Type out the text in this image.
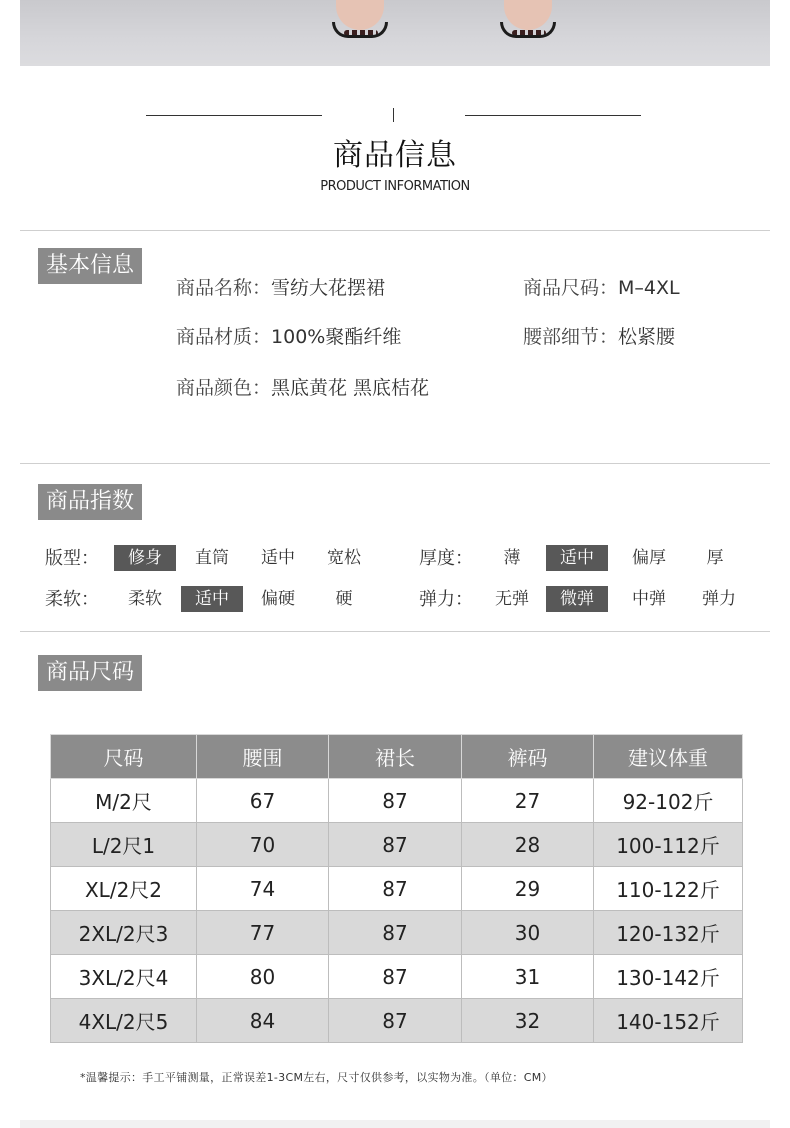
商品信息
PRODUCT INFORMATION
基本信息
商品名称：雪纺大花摆裙	商品尺码：M–4XL
商品材质：100%聚酯纤维	腰部细节：松紧腰
商品颜色：黑底黄花 黑底桔花
商品指数
版型：	修身	直筒	适中	宽松	厚度：	薄	适中	偏厚	厚
柔软：	柔软	适中	偏硬	硬	弹力：	无弹	微弹	中弹	弹力
商品尺码
尺码	腰围	裙长	裤码	建议体重
M/2尺	67	87	27	92-102斤
L/2尺1	70	87	28	100-112斤
XL/2尺2	74	87	29	110-122斤
2XL/2尺3	77	87	30	120-132斤
3XL/2尺4	80	87	31	130-142斤
4XL/2尺5	84	87	32	140-152斤
*温馨提示：手工平铺测量，正常误差1-3CM左右，尺寸仅供参考，以实物为准。（单位：CM）
